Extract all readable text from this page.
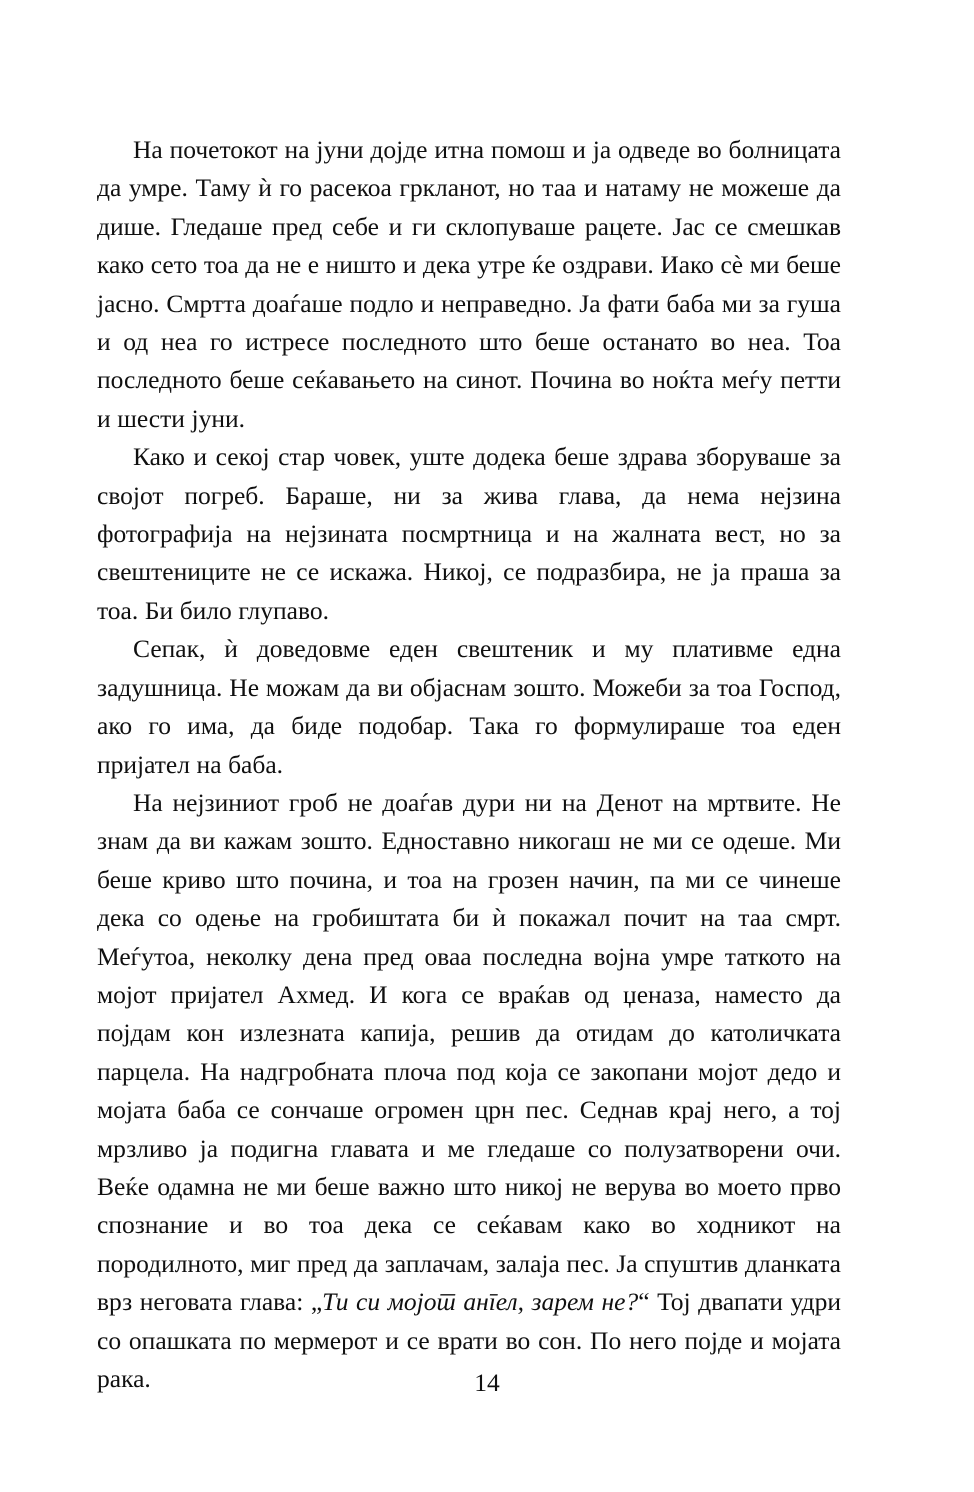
На почетокот на јуни дојде итна помош и ја одведе во болницата да умре. Таму ѝ го расекоа гркланот, но таа и натаму не можеше да дише. Гледаше пред себе и ги склопуваше рацете. Јас се смешкав како сето тоа да не е ништо и дека утре ќе оздрави. Иако сѐ ми беше јасно. Смртта доаѓаше подло и неправедно. Ја фати баба ми за гуша и од неа го истресе последното што беше останато во неа. Тоа последното беше сеќавањето на синот. Почина во ноќта меѓу петти и шести јуни.

Како и секој стар човек, уште додека беше здрава зборуваше за својот погреб. Бараше, ни за жива глава, да нема нејзина фотографија на нејзината посмртница и на жалната вест, но за свештениците не се искажа. Никој, се подразбира, не ја праша за тоа. Би било глупаво.

Сепак, ѝ доведовме еден свештеник и му плативме една задушница. Не можам да ви објаснам зошто. Можеби за тоа Господ, ако го има, да биде подобар. Така го формулираше тоа еден пријател на баба.

На нејзиниот гроб не доаѓав дури ни на Денот на мртвите. Не знам да ви кажам зошто. Едноставно никогаш не ми се одеше. Ми беше криво што почина, и тоа на грозен начин, па ми се чинеше дека со одење на гробиштата би ѝ покажал почит на таа смрт. Меѓутоа, неколку дена пред оваа последна војна умре таткото на мојот пријател Ахмед. И кога се враќав од џеназа, наместо да појдам кон излезната капија, решив да отидам до католичката парцела. На надгробната плоча под која се закопани мојот дедо и мојата баба се сончаше огромен црн пес. Седнав крај него, а тој мрзливо ја подигна главата и ме гледаше со полузатворени очи. Веќе одамна не ми беше важно што никој не верува во моето прво спознание и во тоа дека се сеќавам како во ходникот на породилното, миг пред да заплачам, залаја пес. Ја спуштив дланката врз неговата глава: „Ти си мојот ангел, зарем не?“ Тој двапати удри со опашката по мермерот и се врати во сон. По него појде и мојата рака.	14
